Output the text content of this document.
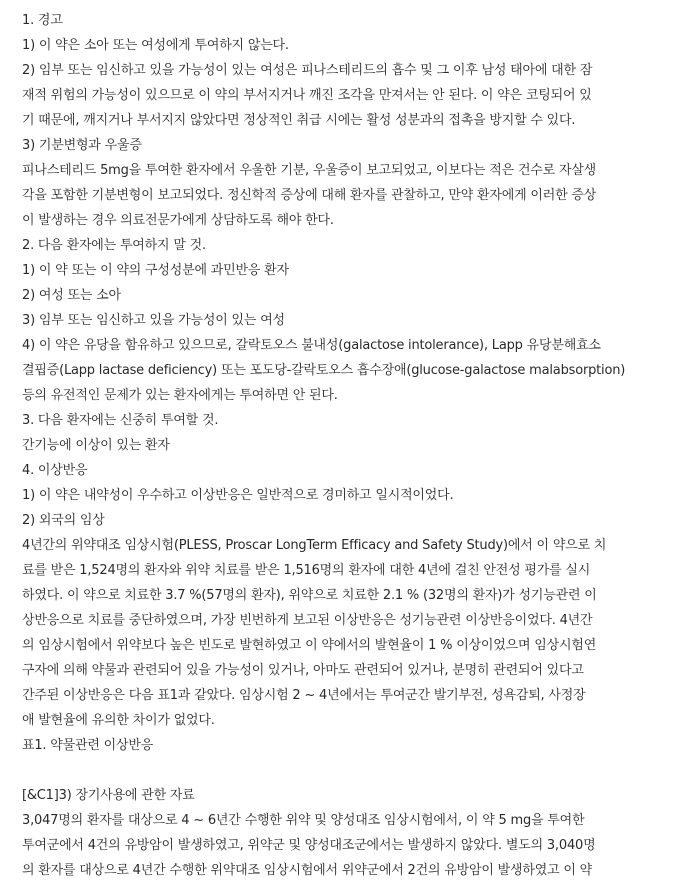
1. 경고
1) 이 약은 소아 또는 여성에게 투여하지 않는다.
2) 임부 또는 임신하고 있을 가능성이 있는 여성은 피나스테리드의 흡수 및 그 이후 남성 태아에 대한 잠
재적 위험의 가능성이 있으므로 이 약의 부서지거나 깨진 조각을 만져서는 안 된다. 이 약은 코팅되어 있
기 때문에, 깨지거나 부서지지 않았다면 정상적인 취급 시에는 활성 성분과의 접촉을 방지할 수 있다.
3) 기분변형과 우울증
피나스테리드 5mg을 투여한 환자에서 우울한 기분, 우울증이 보고되었고, 이보다는 적은 건수로 자살생
각을 포함한 기분변형이 보고되었다. 정신학적 증상에 대해 환자를 관찰하고, 만약 환자에게 이러한 증상
이 발생하는 경우 의료전문가에게 상담하도록 해야 한다.
2. 다음 환자에는 투여하지 말 것.
1) 이 약 또는 이 약의 구성성분에 과민반응 환자
2) 여성 또는 소아
3) 임부 또는 임신하고 있을 가능성이 있는 여성
4) 이 약은 유당을 함유하고 있으므로, 갈락토오스 불내성(galactose intolerance), Lapp 유당분해효소
결핍증(Lapp lactase deficiency) 또는 포도당-갈락토오스 흡수장애(glucose-galactose malabsorption)
등의 유전적인 문제가 있는 환자에게는 투여하면 안 된다.
3. 다음 환자에는 신중히 투여할 것.
간기능에 이상이 있는 환자
4. 이상반응
1) 이 약은 내약성이 우수하고 이상반응은 일반적으로 경미하고 일시적이었다.
2) 외국의 임상
4년간의 위약대조 임상시험(PLESS, Proscar LongTerm Efficacy and Safety Study)에서 이 약으로 치
료를 받은 1,524명의 환자와 위약 치료를 받은 1,516명의 환자에 대한 4년에 걸친 안전성 평가를 실시
하였다. 이 약으로 치료한 3.7 %(57명의 환자), 위약으로 치료한 2.1 % (32명의 환자)가 성기능관련 이
상반응으로 치료를 중단하였으며, 가장 빈번하게 보고된 이상반응은 성기능관련 이상반응이었다. 4년간
의 임상시험에서 위약보다 높은 빈도로 발현하였고 이 약에서의 발현율이 1 % 이상이었으며 임상시험연
구자에 의해 약물과 관련되어 있을 가능성이 있거나, 아마도 관련되어 있거나, 분명히 관련되어 있다고
간주된 이상반응은 다음 표1과 같았다. 임상시험 2 ~ 4년에서는 투여군간 발기부전, 성욕감퇴, 사정장
애 발현율에 유의한 차이가 없었다.
표1. 약물관련 이상반응
[&C1]3) 장기사용에 관한 자료
3,047명의 환자를 대상으로 4 ~ 6년간 수행한 위약 및 양성대조 임상시험에서, 이 약 5 mg을 투여한
투여군에서 4건의 유방암이 발생하였고, 위약군 및 양성대조군에서는 발생하지 않았다. 별도의 3,040명
의 환자를 대상으로 4년간 수행한 위약대조 임상시험에서 위약군에서 2건의 유방암이 발생하였고 이 약
